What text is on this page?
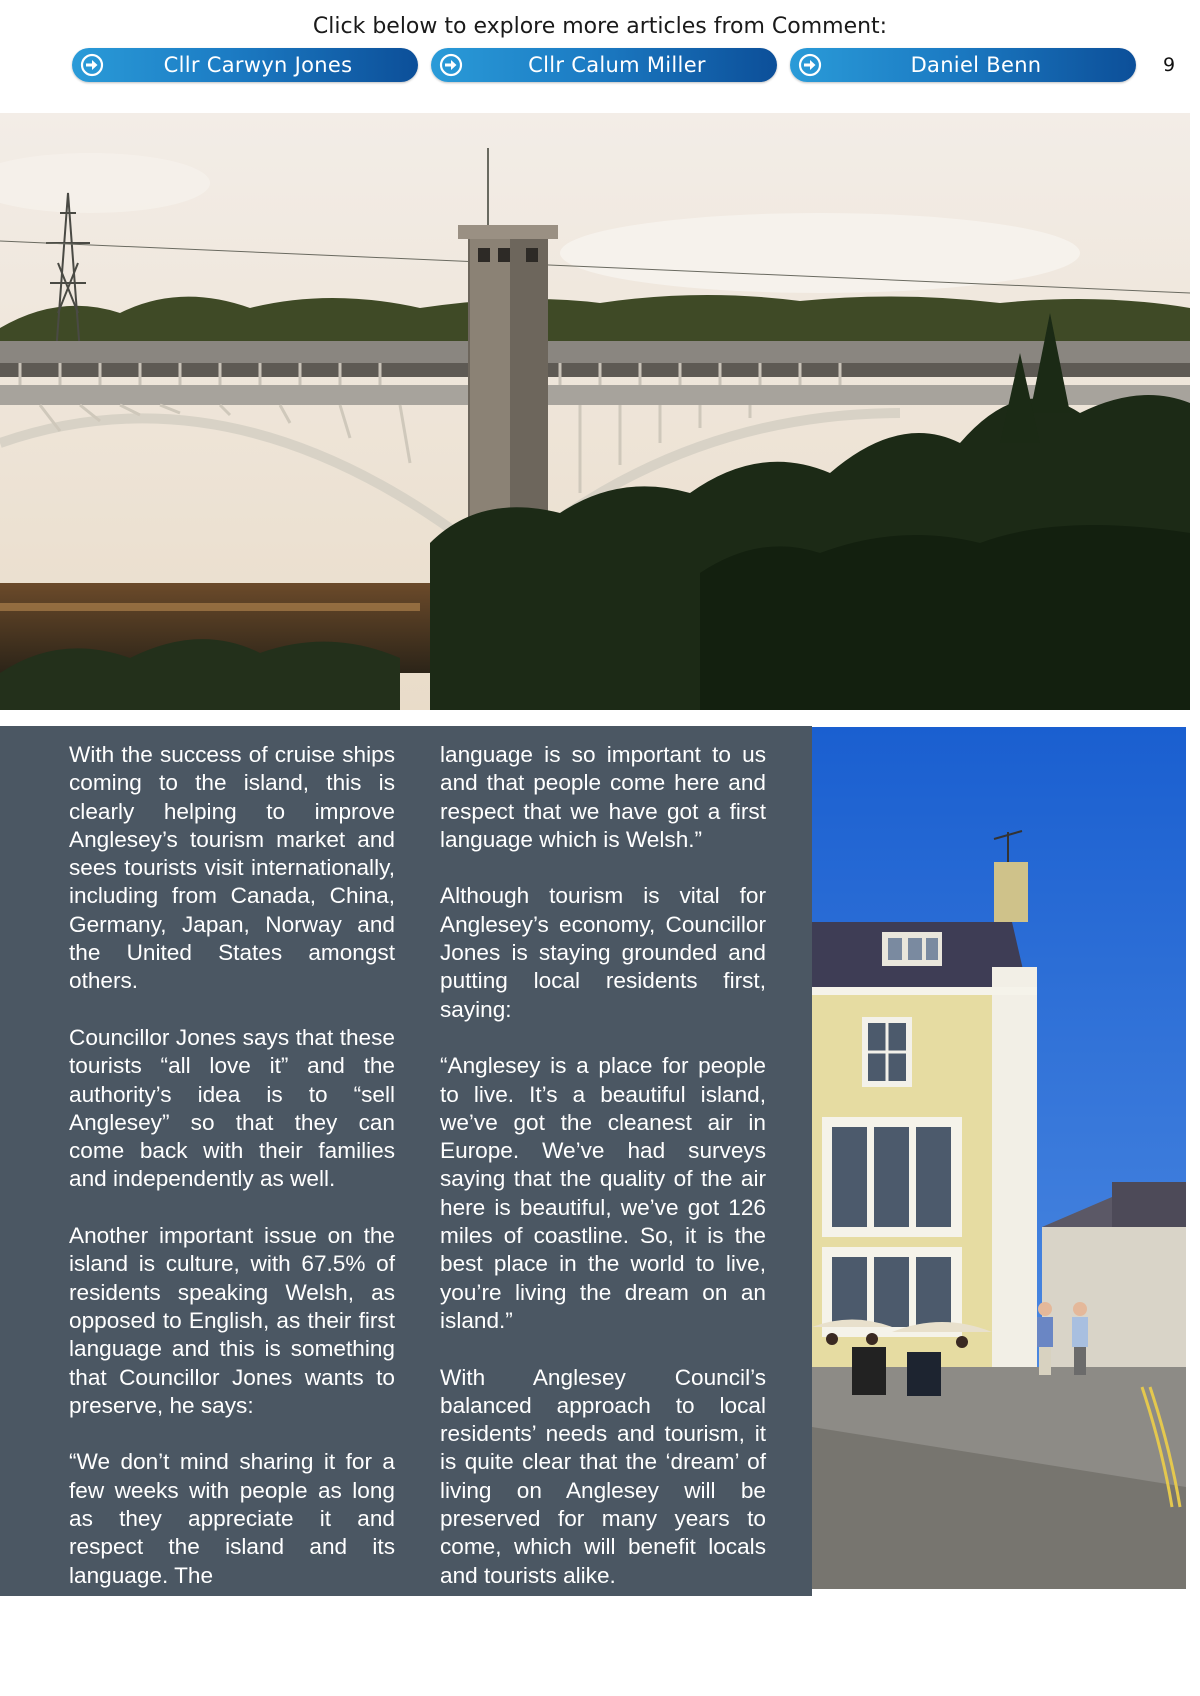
Click below to explore more articles from Comment:
Cllr Carwyn Jones	Cllr Calum Miller	Daniel Benn	9

With the success of cruise ships coming to the island, this is clearly helping to improve Anglesey’s tourism market and sees tourists visit internationally, including from Canada, China, Germany, Japan, Norway and the United States amongst others.

Councillor Jones says that these tourists “all love it” and the authority’s idea is to “sell Anglesey” so that they can come back with their families and independently as well.

Another important issue on the island is culture, with 67.5% of residents speaking Welsh, as opposed to English, as their first language and this is something that Councillor Jones wants to preserve, he says:

“We don’t mind sharing it for a few weeks with people as long as they appreciate it and respect the island and its language. The

language is so important to us and that people come here and respect that we have got a first language which is Welsh.”

Although tourism is vital for Anglesey’s economy, Councillor Jones is staying grounded and putting local residents first, saying:

“Anglesey is a place for people to live. It’s a beautiful island, we’ve got the cleanest air in Europe. We’ve had surveys saying that the quality of the air here is beautiful, we’ve got 126 miles of coastline. So, it is the best place in the world to live, you’re living the dream on an island.”

With Anglesey Council’s balanced approach to local residents’ needs and tourism, it is quite clear that the ‘dream’ of living on Anglesey will be preserved for many years to come, which will benefit locals and tourists alike.
